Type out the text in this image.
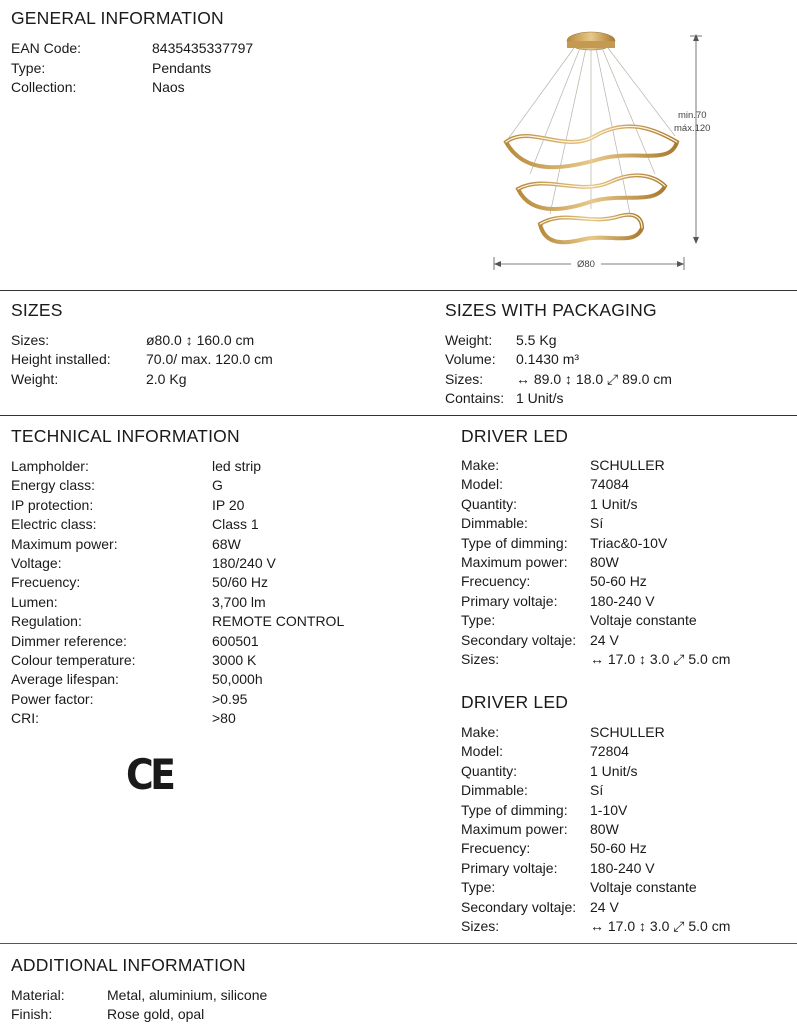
GENERAL INFORMATION
EAN Code:	8435435337797
Type:	Pendants
Collection:	Naos
min.70
máx.120
Ø80
SIZES
Sizes:	ø80.0 ↕ 160.0 cm
Height installed:	70.0/ max. 120.0 cm
Weight:	2.0 Kg
SIZES WITH PACKAGING
Weight: 5.5 Kg
Volume: 0.1430 m³
Sizes: ↔ 89.0 ↕ 18.0 ⤢ 89.0 cm
Contains: 1 Unit/s
TECHNICAL INFORMATION
Lampholder:	led strip
Energy class:	G
IP protection:	IP 20
Electric class:	Class 1
Maximum power:	68W
Voltage:	180/240 V
Frecuency:	50/60 Hz
Lumen:	3,700 lm
Regulation:	REMOTE CONTROL
Dimmer reference:	600501
Colour temperature:	3000 K
Average lifespan:	50,000h
Power factor:	>0.95
CRI:	>80
CE
DRIVER LED
Make:	SCHULLER
Model:	74084
Quantity:	1 Unit/s
Dimmable:	Sí
Type of dimming: Triac&0-10V
Maximum power: 80W
Frecuency:	50-60 Hz
Primary voltaje: 180-240 V
Type:	Voltaje constante
Secondary voltaje: 24 V
Sizes:	↔ 17.0 ↕ 3.0 ⤢ 5.0 cm
DRIVER LED
Make:	SCHULLER
Model:	72804
Quantity:	1 Unit/s
Dimmable:	Sí
Type of dimming: 1-10V
Maximum power: 80W
Frecuency:	50-60 Hz
Primary voltaje: 180-240 V
Type:	Voltaje constante
Secondary voltaje: 24 V
Sizes:	↔ 17.0 ↕ 3.0 ⤢ 5.0 cm
ADDITIONAL INFORMATION
Material:	Metal, aluminium, silicone
Finish:	Rose gold, opal
